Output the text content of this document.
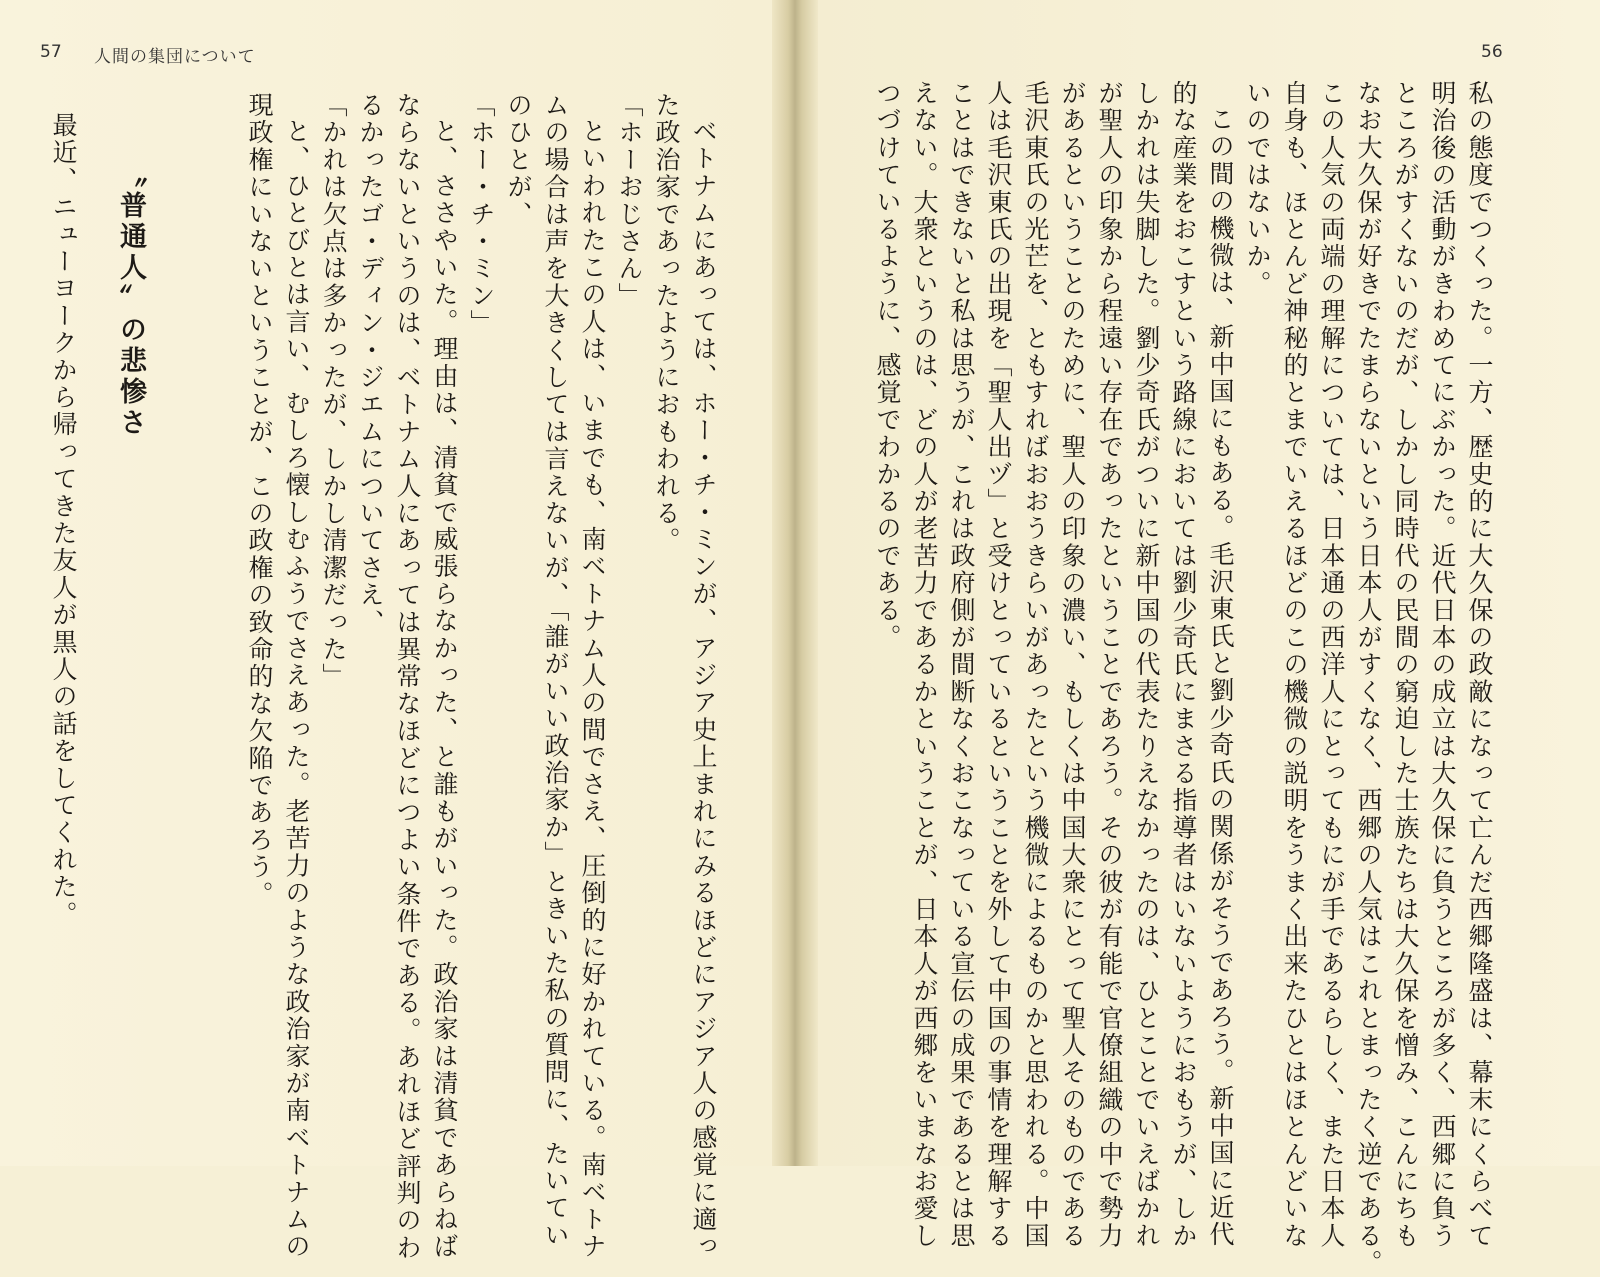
57 人間の集団について	56
私の態度でつくった。一方、歴史的に大久保の政敵になって亡んだ西郷隆盛は、幕末にくらべて
明治後の活動がきわめてにぶかった。近代日本の成立は大久保に負うところが多く、西郷に負う
ところがすくないのだが、しかし同時代の民間の窮迫した士族たちは大久保を憎み、こんにちも
なお大久保が好きでたまらないという日本人がすくなく、西郷の人気はこれとまったく逆である。
この人気の両端の理解については、日本通の西洋人にとってもにが手であるらしく、また日本人
自身も、ほとんど神秘的とまでいえるほどのこの機微の説明をうまく出来たひとはほとんどいな
いのではないか。
この間の機微は、新中国にもある。毛沢東氏と劉少奇氏の関係がそうであろう。新中国に近代
的な産業をおこすという路線においては劉少奇氏にまさる指導者はいないようにおもうが、しか
しかれは失脚した。劉少奇氏がついに新中国の代表たりえなかったのは、ひとことでいえばかれ
が聖人の印象から程遠い存在であったということであろう。その彼が有能で官僚組織の中で勢力
があるということのために、聖人の印象の濃い、もしくは中国大衆にとって聖人そのものである
毛沢東氏の光芒を、ともすればおおうきらいがあったという機微によるものかと思われる。中国
人は毛沢東氏の出現を「聖人出ヅ」と受けとっているということを外して中国の事情を理解する
ことはできないと私は思うが、これは政府側が間断なくおこなっている宣伝の成果であるとは思
えない。大衆というのは、どの人が老苦力であるかということが、日本人が西郷をいまなお愛し
つづけているように、感覚でわかるのである。
ベトナムにあっては、ホー・チ・ミンが、アジア史上まれにみるほどにアジア人の感覚に適っ
た政治家であったようにおもわれる。
「ホーおじさん」
といわれたこの人は、いまでも、南ベトナム人の間でさえ、圧倒的に好かれている。南ベトナ
ムの場合は声を大きくしては言えないが、「誰がいい政治家か」ときいた私の質問に、たいてい
のひとが、
「ホー・チ・ミン」
と、ささやいた。理由は、清貧で威張らなかった、と誰もがいった。政治家は清貧であらねば
ならないというのは、ベトナム人にあっては異常なほどにつよい条件である。あれほど評判のわ
るかったゴ・ディン・ジエムについてさえ、
「かれは欠点は多かったが、しかし清潔だった」
と、ひとびとは言い、むしろ懐しむふうでさえあった。老苦力のような政治家が南ベトナムの
現政権にいないということが、この政権の致命的な欠陥であろう。
〝普通人〟の悲惨さ
最近、ニューヨークから帰ってきた友人が黒人の話をしてくれた。
